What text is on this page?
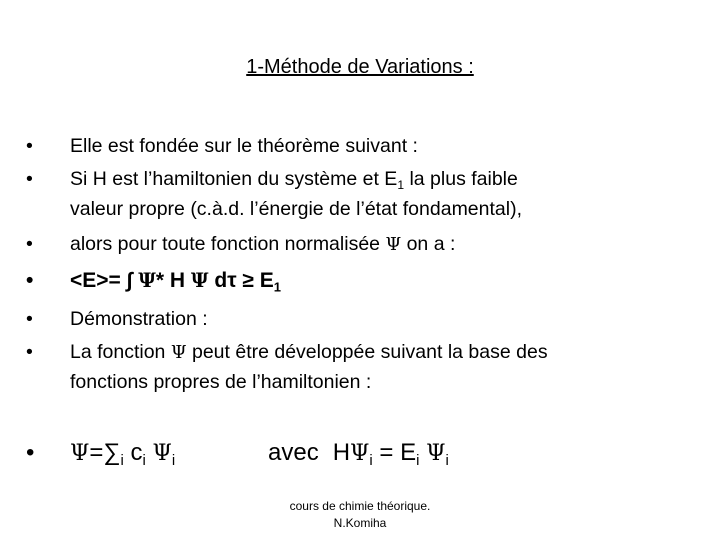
1-Méthode de Variations :
•	Elle est fondée sur le théorème suivant :
•	Si H est l’hamiltonien du système et $E_1$ la plus faible
valeur propre (c.à.d. l’énergie de l’état fondamental),
•	alors pour toute fonction normalisée Ψ on a :
•	<E>= ∫ Ψ* H Ψ $d\tau \ge E_1$
•	Démonstration :
•	La fonction Ψ peut être développée suivant la base des
fonctions propres de l’hamiltonien :
•	$\Psi=\sum_i$ $c_i$ $\Psi_i$	avec $H\Psi_i = E_i$ $\Psi_i$
cours de chimie théorique.
N.Komiha
